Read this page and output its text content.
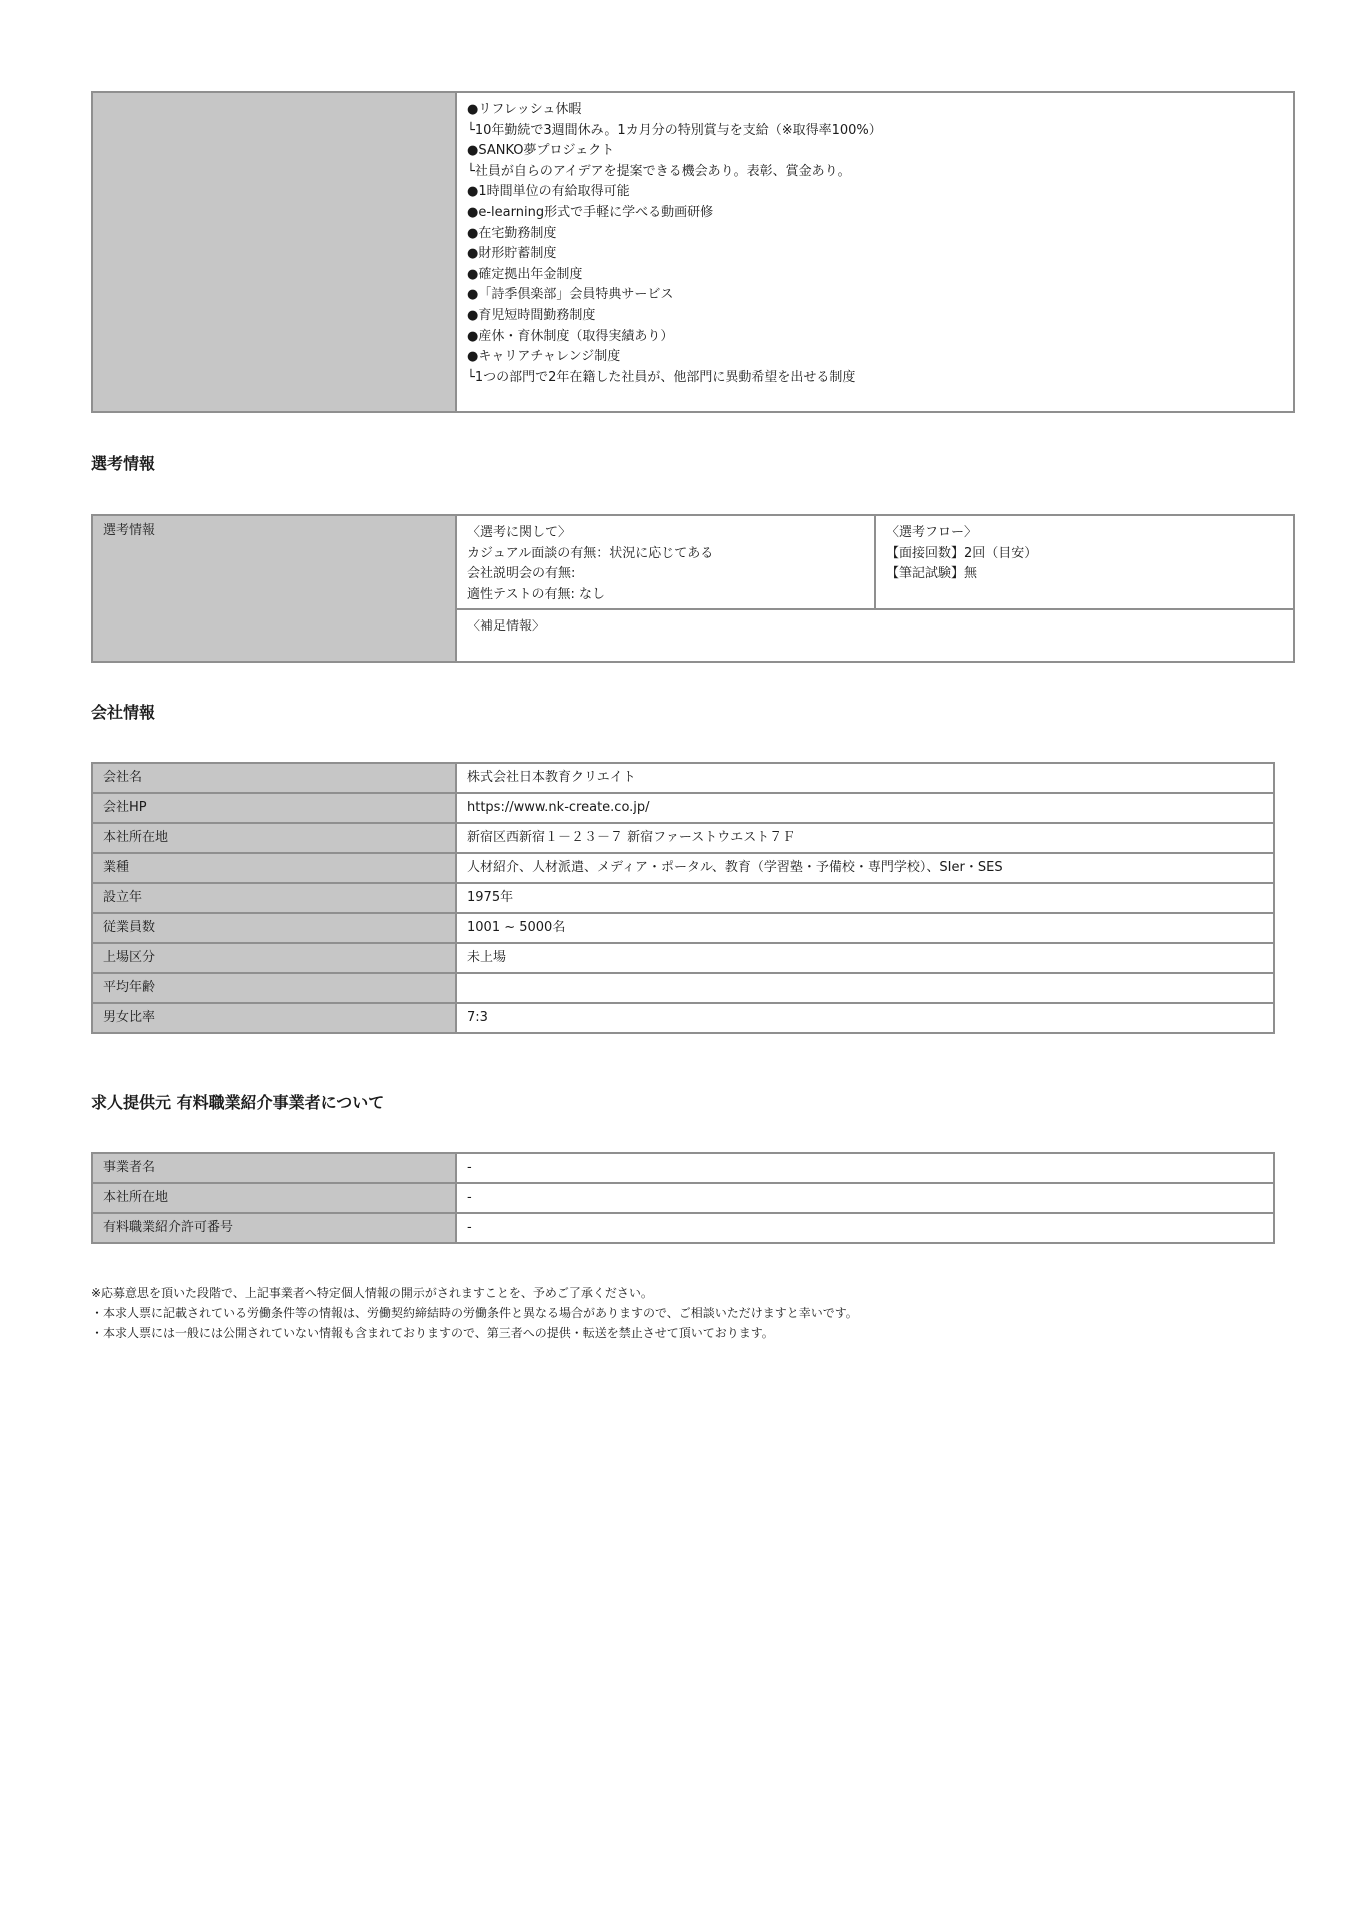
●リフレッシュ休暇
└10年勤続で3週間休み。1カ月分の特別賞与を支給（※取得率100%）
●SANKO夢プロジェクト
└社員が自らのアイデアを提案できる機会あり。表彰、賞金あり。
●1時間単位の有給取得可能
●e-learning形式で手軽に学べる動画研修
●在宅勤務制度
●財形貯蓄制度
●確定拠出年金制度
●「詩季倶楽部」会員特典サービス
●育児短時間勤務制度
●産休・育休制度（取得実績あり）
●キャリアチャレンジ制度
└1つの部門で2年在籍した社員が、他部門に異動希望を出せる制度
選考情報
選考情報	〈選考に関して〉
カジュアル面談の有無：状況に応じてある
会社説明会の有無:
適性テストの有無: なし

〈選考フロー〉
【面接回数】2回（目安）
【筆記試験】無

〈補足情報〉
会社情報
会社名	株式会社日本教育クリエイト
会社HP	https://www.nk-create.co.jp/
本社所在地	新宿区西新宿１－２３－７ 新宿ファーストウエスト７Ｆ
業種	人材紹介、人材派遣、メディア・ポータル、教育（学習塾・予備校・専門学校）、SIer・SES
設立年	1975年
従業員数	1001 ~ 5000名
上場区分	未上場
平均年齢	
男女比率	7:3
求人提供元 有料職業紹介事業者について
事業者名	-
本社所在地	-
有料職業紹介許可番号	-
※応募意思を頂いた段階で、上記事業者へ特定個人情報の開示がされますことを、予めご了承ください。
・本求人票に記載されている労働条件等の情報は、労働契約締結時の労働条件と異なる場合がありますので、ご相談いただけますと幸いです。
・本求人票には一般には公開されていない情報も含まれておりますので、第三者への提供・転送を禁止させて頂いております。
